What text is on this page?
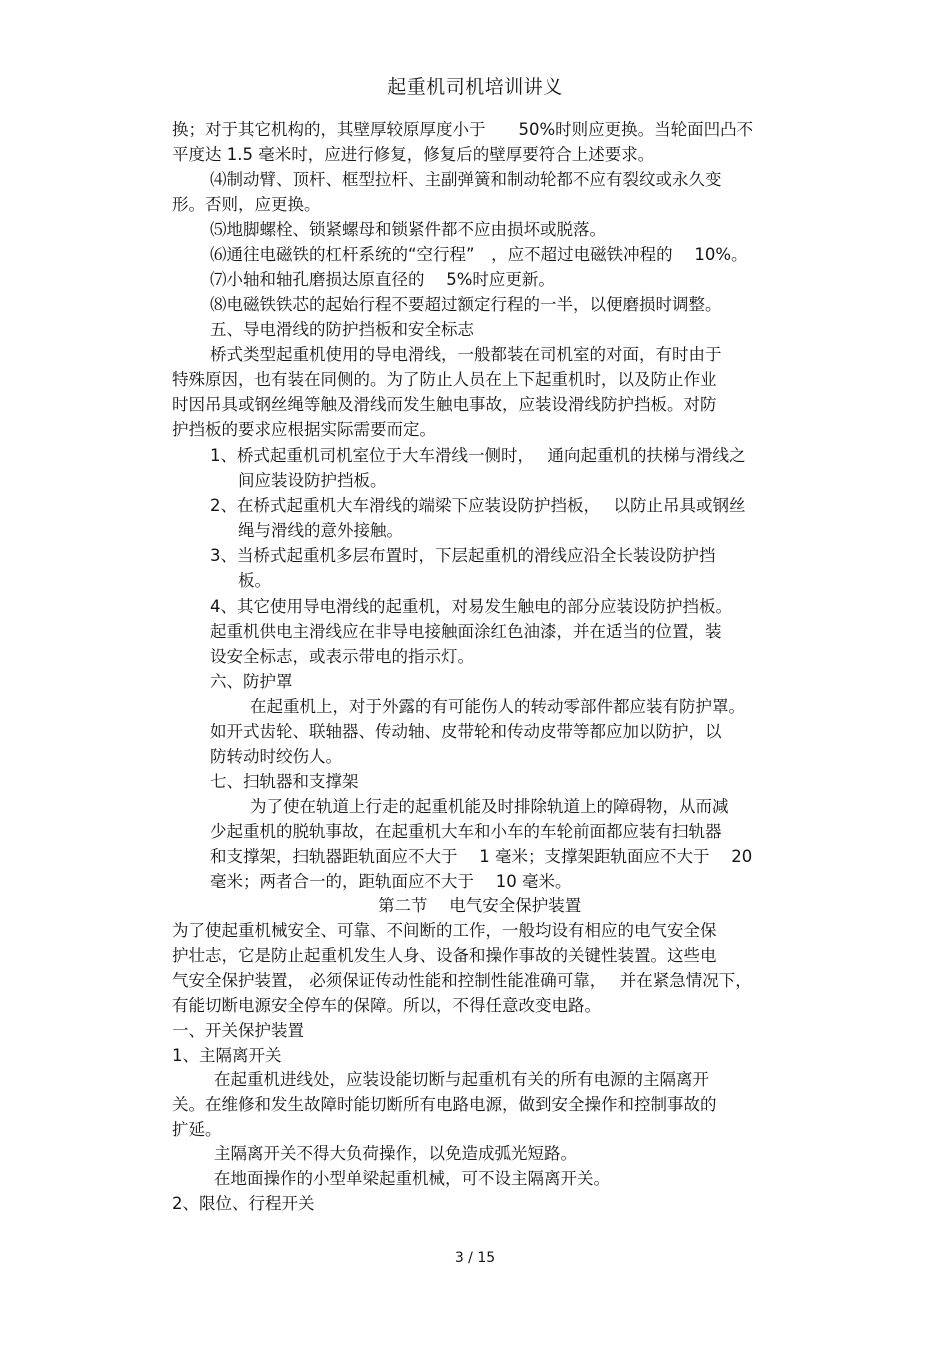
起重机司机培训讲义
换；对于其它机构的，其壁厚较原厚度小于　　50%时则应更换。当轮面凹凸不
平度达 1.5 毫米时，应进行修复，修复后的壁厚要符合上述要求。
⑷制动臂、顶杆、框型拉杆、主副弹簧和制动轮都不应有裂纹或永久变
形。否则，应更换。
⑸地脚螺栓、锁紧螺母和锁紧件都不应由损坏或脱落。
⑹通往电磁铁的杠杆系统的“空行程”　，应不超过电磁铁冲程的　 10%。
⑺小轴和轴孔磨损达原直径的　 5%时应更新。
⑻电磁铁铁芯的起始行程不要超过额定行程的一半，以便磨损时调整。
五、导电滑线的防护挡板和安全标志
桥式类型起重机使用的导电滑线，一般都装在司机室的对面，有时由于
特殊原因，也有装在同侧的。为了防止人员在上下起重机时，以及防止作业
时因吊具或钢丝绳等触及滑线而发生触电事故，应装设滑线防护挡板。对防
护挡板的要求应根据实际需要而定。
1、桥式起重机司机室位于大车滑线一侧时，　 通向起重机的扶梯与滑线之
间应装设防护挡板。
2、在桥式起重机大车滑线的端梁下应装设防护挡板，　 以防止吊具或钢丝
绳与滑线的意外接触。
3、当桥式起重机多层布置时，下层起重机的滑线应沿全长装设防护挡
板。
4、其它使用导电滑线的起重机，对易发生触电的部分应装设防护挡板。
起重机供电主滑线应在非导电接触面涂红色油漆，并在适当的位置，装
设安全标志，或表示带电的指示灯。
六、防护罩
在起重机上，对于外露的有可能伤人的转动零部件都应装有防护罩。
如开式齿轮、联轴器、传动轴、皮带轮和传动皮带等都应加以防护，以
防转动时绞伤人。
七、扫轨器和支撑架
为了使在轨道上行走的起重机能及时排除轨道上的障碍物，从而减
少起重机的脱轨事故，在起重机大车和小车的车轮前面都应装有扫轨器
和支撑架，扫轨器距轨面应不大于　 1 毫米；支撑架距轨面应不大于　 20
毫米；两者合一的，距轨面应不大于　 10 毫米。
第二节　 电气安全保护装置
为了使起重机械安全、可靠、不间断的工作，一般均设有相应的电气安全保
护壮志，它是防止起重机发生人身、设备和操作事故的关键性装置。这些电
气安全保护装置， 必须保证传动性能和控制性能准确可靠，　 并在紧急情况下，
有能切断电源安全停车的保障。所以，不得任意改变电路。
一、开关保护装置
1、主隔离开关
在起重机进线处，应装设能切断与起重机有关的所有电源的主隔离开
关。在维修和发生故障时能切断所有电路电源，做到安全操作和控制事故的
扩延。
主隔离开关不得大负荷操作，以免造成弧光短路。
在地面操作的小型单梁起重机械，可不设主隔离开关。
2、限位、行程开关
3 / 15
